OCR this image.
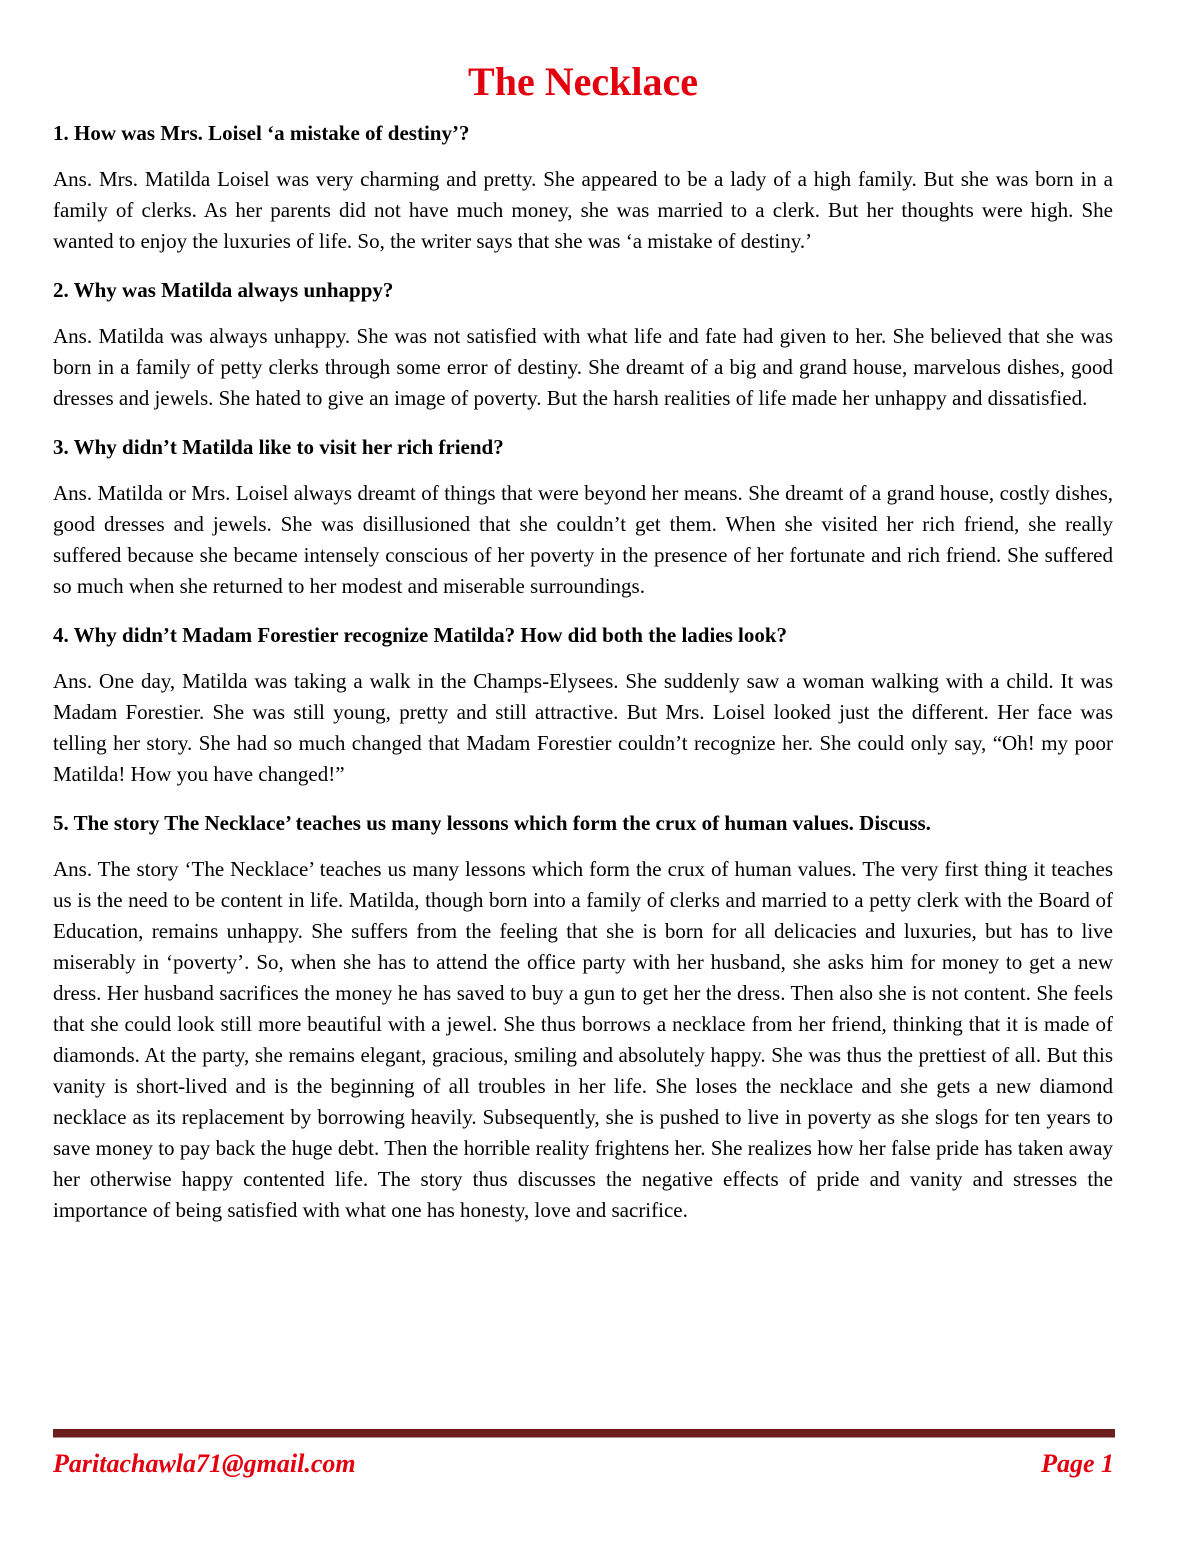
The Necklace

1. How was Mrs. Loisel ‘a mistake of destiny’?

Ans. Mrs. Matilda Loisel was very charming and pretty. She appeared to be a lady of a high family. But she was born in a family of clerks. As her parents did not have much money, she was married to a clerk. But her thoughts were high. She wanted to enjoy the luxuries of life. So, the writer says that she was ‘a mistake of destiny.’

2. Why was Matilda always unhappy?

Ans. Matilda was always unhappy. She was not satisfied with what life and fate had given to her. She believed that she was born in a family of petty clerks through some error of destiny. She dreamt of a big and grand house, marvelous dishes, good dresses and jewels. She hated to give an image of poverty. But the harsh realities of life made her unhappy and dissatisfied.

3. Why didn’t Matilda like to visit her rich friend?

Ans. Matilda or Mrs. Loisel always dreamt of things that were beyond her means. She dreamt of a grand house, costly dishes, good dresses and jewels. She was disillusioned that she couldn’t get them. When she visited her rich friend, she really suffered because she became intensely conscious of her poverty in the presence of her fortunate and rich friend. She suffered so much when she returned to her modest and miserable surroundings.

4. Why didn’t Madam Forestier recognize Matilda? How did both the ladies look?

Ans. One day, Matilda was taking a walk in the Champs-Elysees. She suddenly saw a woman walking with a child. It was Madam Forestier. She was still young, pretty and still attractive. But Mrs. Loisel looked just the different. Her face was telling her story. She had so much changed that Madam Forestier couldn’t recognize her. She could only say, “Oh! my poor Matilda! How you have changed!”

5. The story The Necklace’ teaches us many lessons which form the crux of human values. Discuss.

Ans. The story ‘The Necklace’ teaches us many lessons which form the crux of human values. The very first thing it teaches us is the need to be content in life. Matilda, though born into a family of clerks and married to a petty clerk with the Board of Education, remains unhappy. She suffers from the feeling that she is born for all delicacies and luxuries, but has to live miserably in ‘poverty’. So, when she has to attend the office party with her husband, she asks him for money to get a new dress. Her husband sacrifices the money he has saved to buy a gun to get her the dress. Then also she is not content. She feels that she could look still more beautiful with a jewel. She thus borrows a necklace from her friend, thinking that it is made of diamonds. At the party, she remains elegant, gracious, smiling and absolutely happy. She was thus the prettiest of all. But this vanity is short-lived and is the beginning of all troubles in her life. She loses the necklace and she gets a new diamond necklace as its replacement by borrowing heavily. Subsequently, she is pushed to live in poverty as she slogs for ten years to save money to pay back the huge debt. Then the horrible reality frightens her. She realizes how her false pride has taken away her otherwise happy contented life. The story thus discusses the negative effects of pride and vanity and stresses the importance of being satisfied with what one has honesty, love and sacrifice.

Paritachawla71@gmail.com	Page 1
